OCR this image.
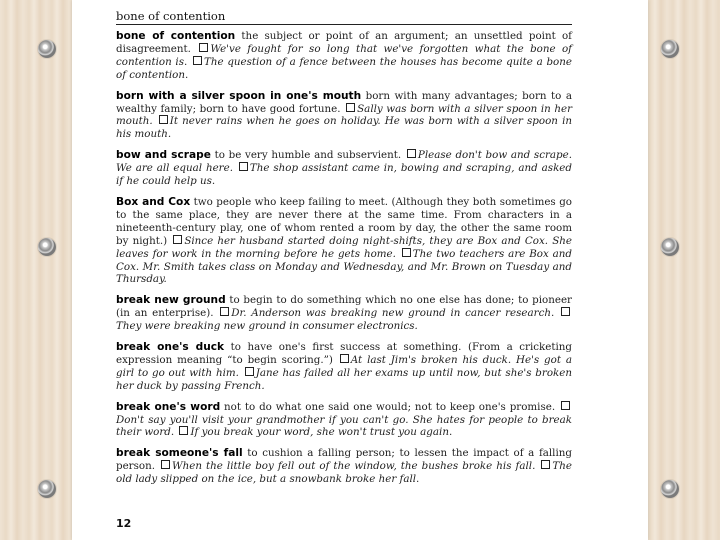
bone of contention

bone of contention the subject or point of an argument; an unsettled point of disagreement. We've fought for so long that we've forgotten what the bone of contention is. The question of a fence between the houses has become quite a bone of contention.

born with a silver spoon in one's mouth born with many advantages; born to a wealthy family; born to have good fortune. Sally was born with a silver spoon in her mouth. It never rains when he goes on holiday. He was born with a silver spoon in his mouth.

bow and scrape to be very humble and subservient. Please don't bow and scrape. We are all equal here. The shop assistant came in, bowing and scraping, and asked if he could help us.

Box and Cox two people who keep failing to meet. (Although they both sometimes go to the same place, they are never there at the same time. From characters in a nineteenth-century play, one of whom rented a room by day, the other the same room by night.) Since her husband started doing night-shifts, they are Box and Cox. She leaves for work in the morning before he gets home. The two teachers are Box and Cox. Mr. Smith takes class on Monday and Wednesday, and Mr. Brown on Tuesday and Thursday.

break new ground to begin to do something which no one else has done; to pioneer (in an enterprise). Dr. Anderson was breaking new ground in cancer research. They were breaking new ground in consumer electronics.

break one's duck to have one's first success at something. (From a cricketing expression meaning “to begin scoring.”) At last Jim's broken his duck. He's got a girl to go out with him. Jane has failed all her exams up until now, but she's broken her duck by passing French.

break one's word not to do what one said one would; not to keep one's promise. Don't say you'll visit your grandmother if you can't go. She hates for people to break their word. If you break your word, she won't trust you again.

break someone's fall to cushion a falling person; to lessen the impact of a falling person. When the little boy fell out of the window, the bushes broke his fall. The old lady slipped on the ice, but a snowbank broke her fall.

12
